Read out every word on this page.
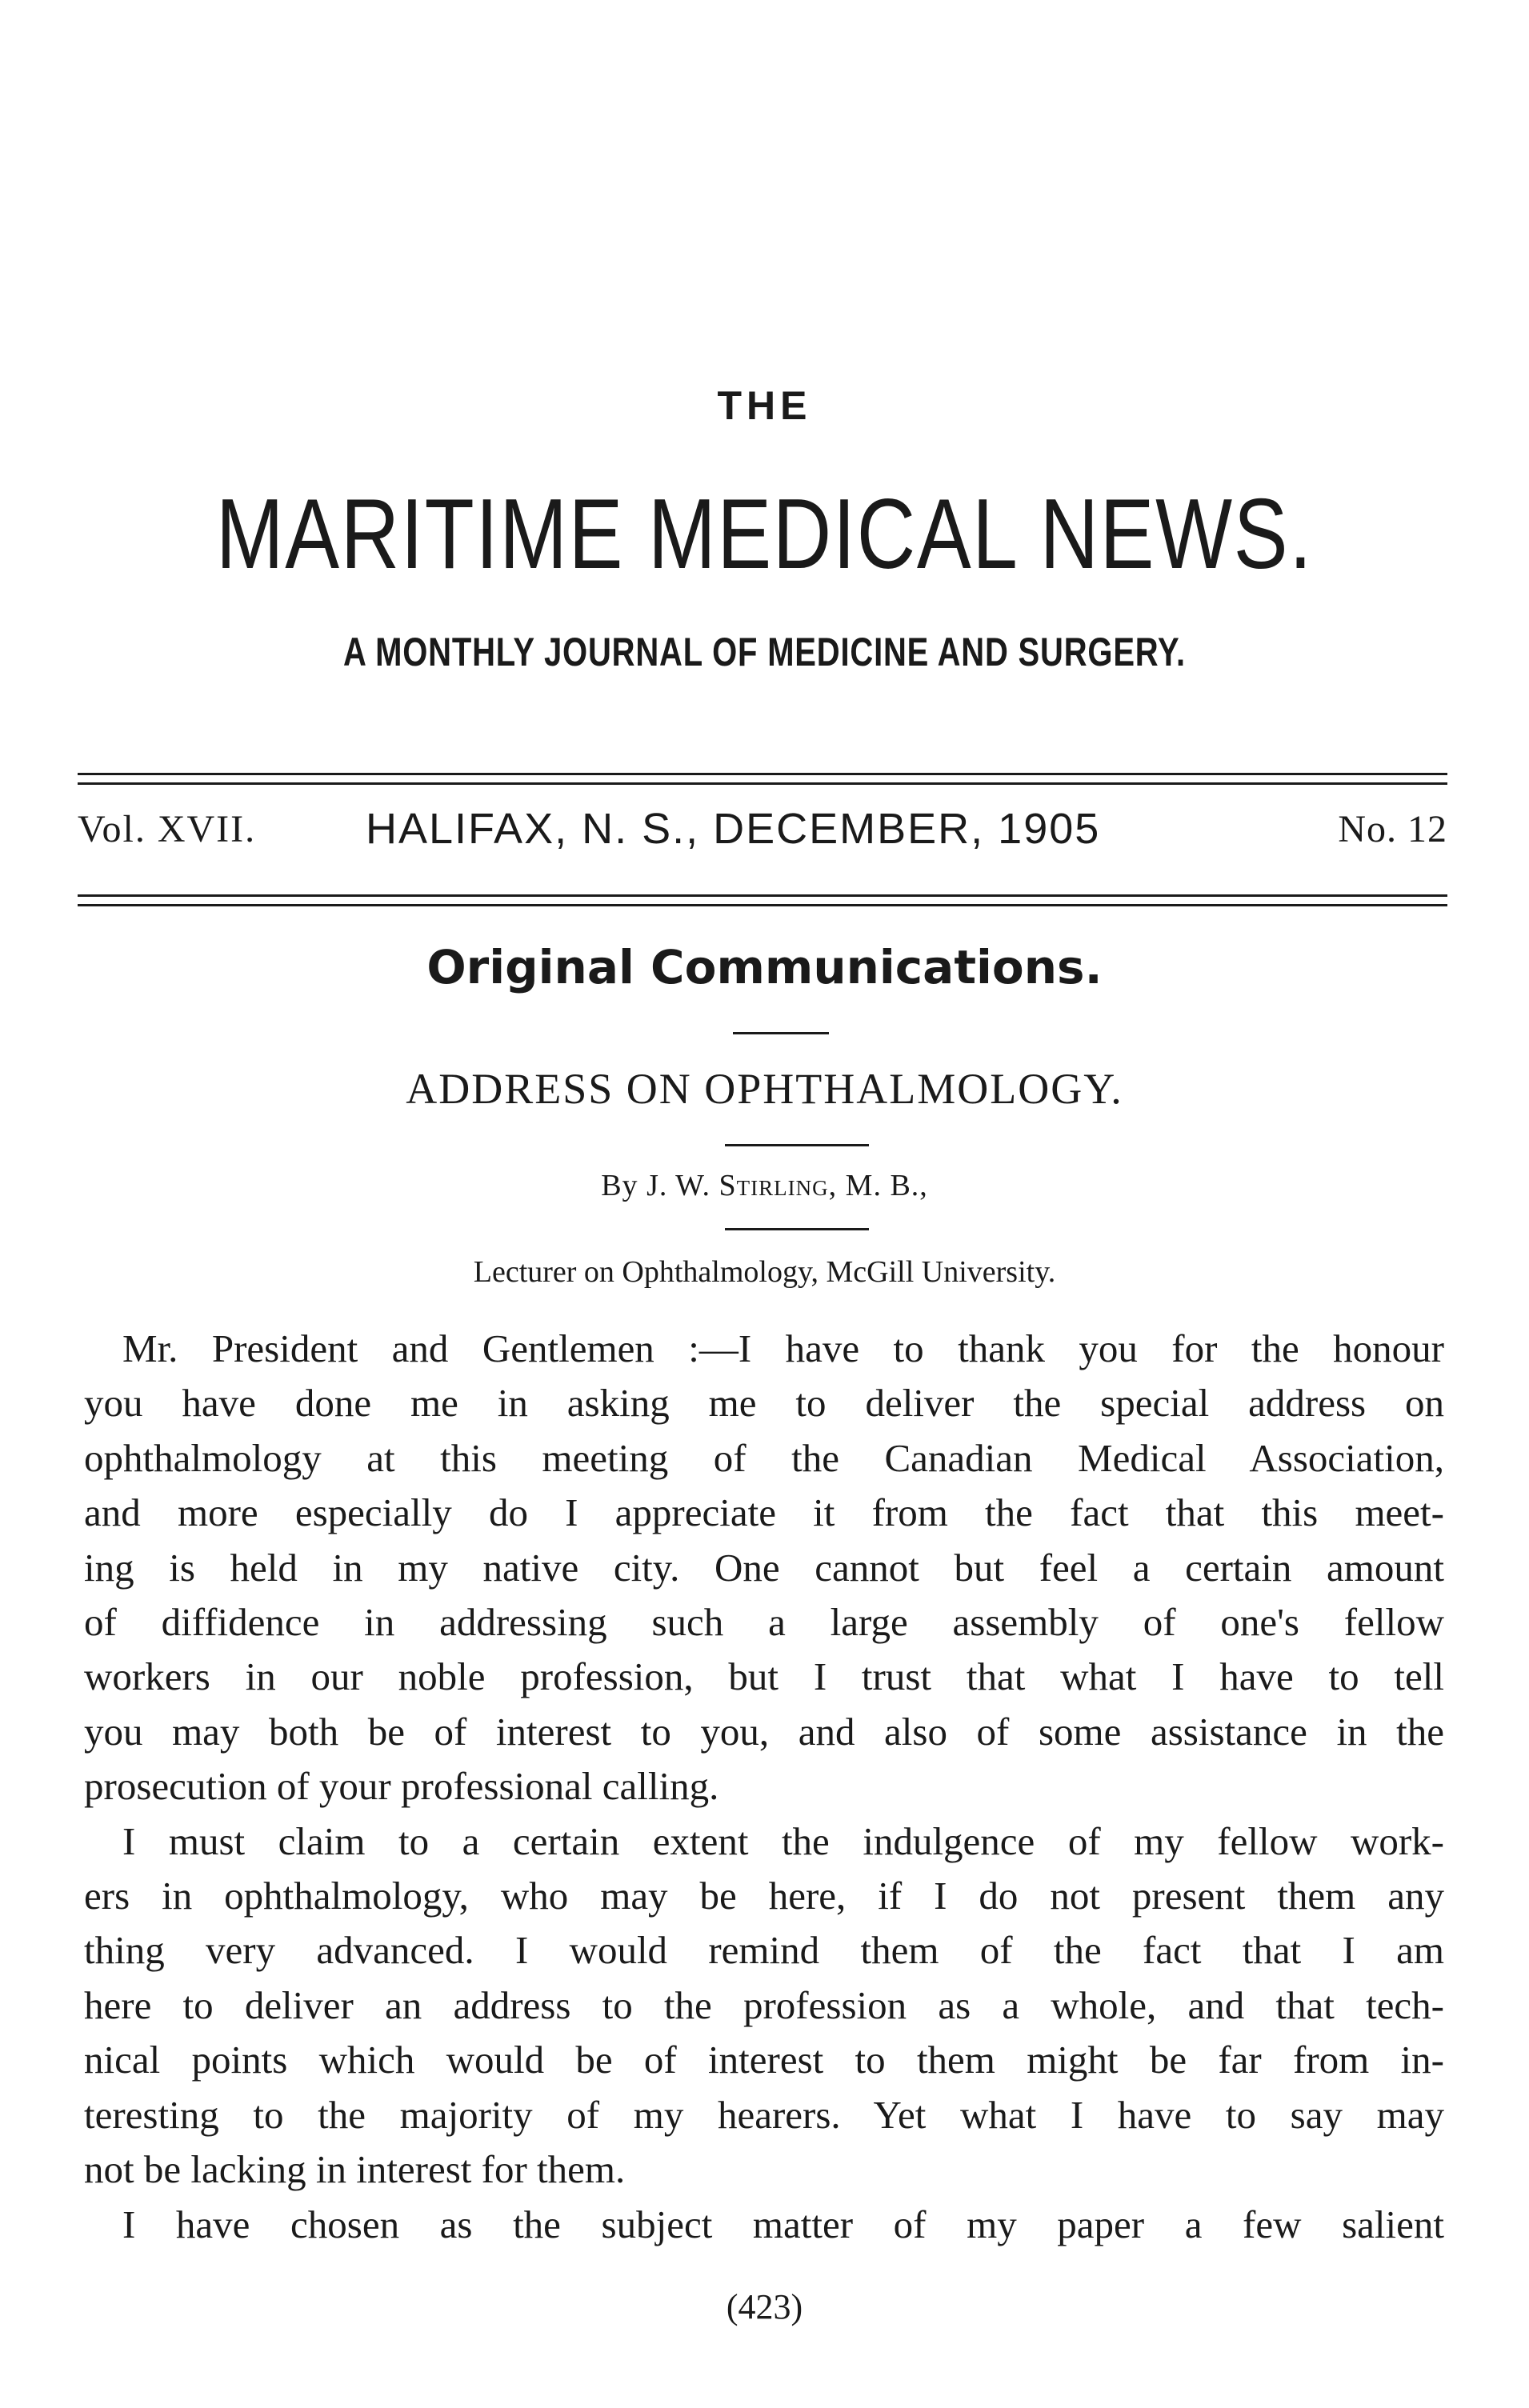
THE
MARITIME MEDICAL NEWS.
A MONTHLY JOURNAL OF MEDICINE AND SURGERY.
Vol. XVII.	HALIFAX, N. S., DECEMBER, 1905	No. 12
Original Communications.
ADDRESS ON OPHTHALMOLOGY.
By J. W. Stirling, M. B.,
Lecturer on Ophthalmology, McGill University.
Mr. President and Gentlemen :—I have to thank you for the honour
you have done me in asking me to deliver the special address on
ophthalmology at this meeting of the Canadian Medical Association,
and more especially do I appreciate it from the fact that this meet-
ing is held in my native city. One cannot but feel a certain amount
of diffidence in addressing such a large assembly of one's fellow
workers in our noble profession, but I trust that what I have to tell
you may both be of interest to you, and also of some assistance in the
prosecution of your professional calling.
I must claim to a certain extent the indulgence of my fellow work-
ers in ophthalmology, who may be here, if I do not present them any
thing very advanced. I would remind them of the fact that I am
here to deliver an address to the profession as a whole, and that tech-
nical points which would be of interest to them might be far from in-
teresting to the majority of my hearers. Yet what I have to say may
not be lacking in interest for them.
I have chosen as the subject matter of my paper a few salient
(423)
